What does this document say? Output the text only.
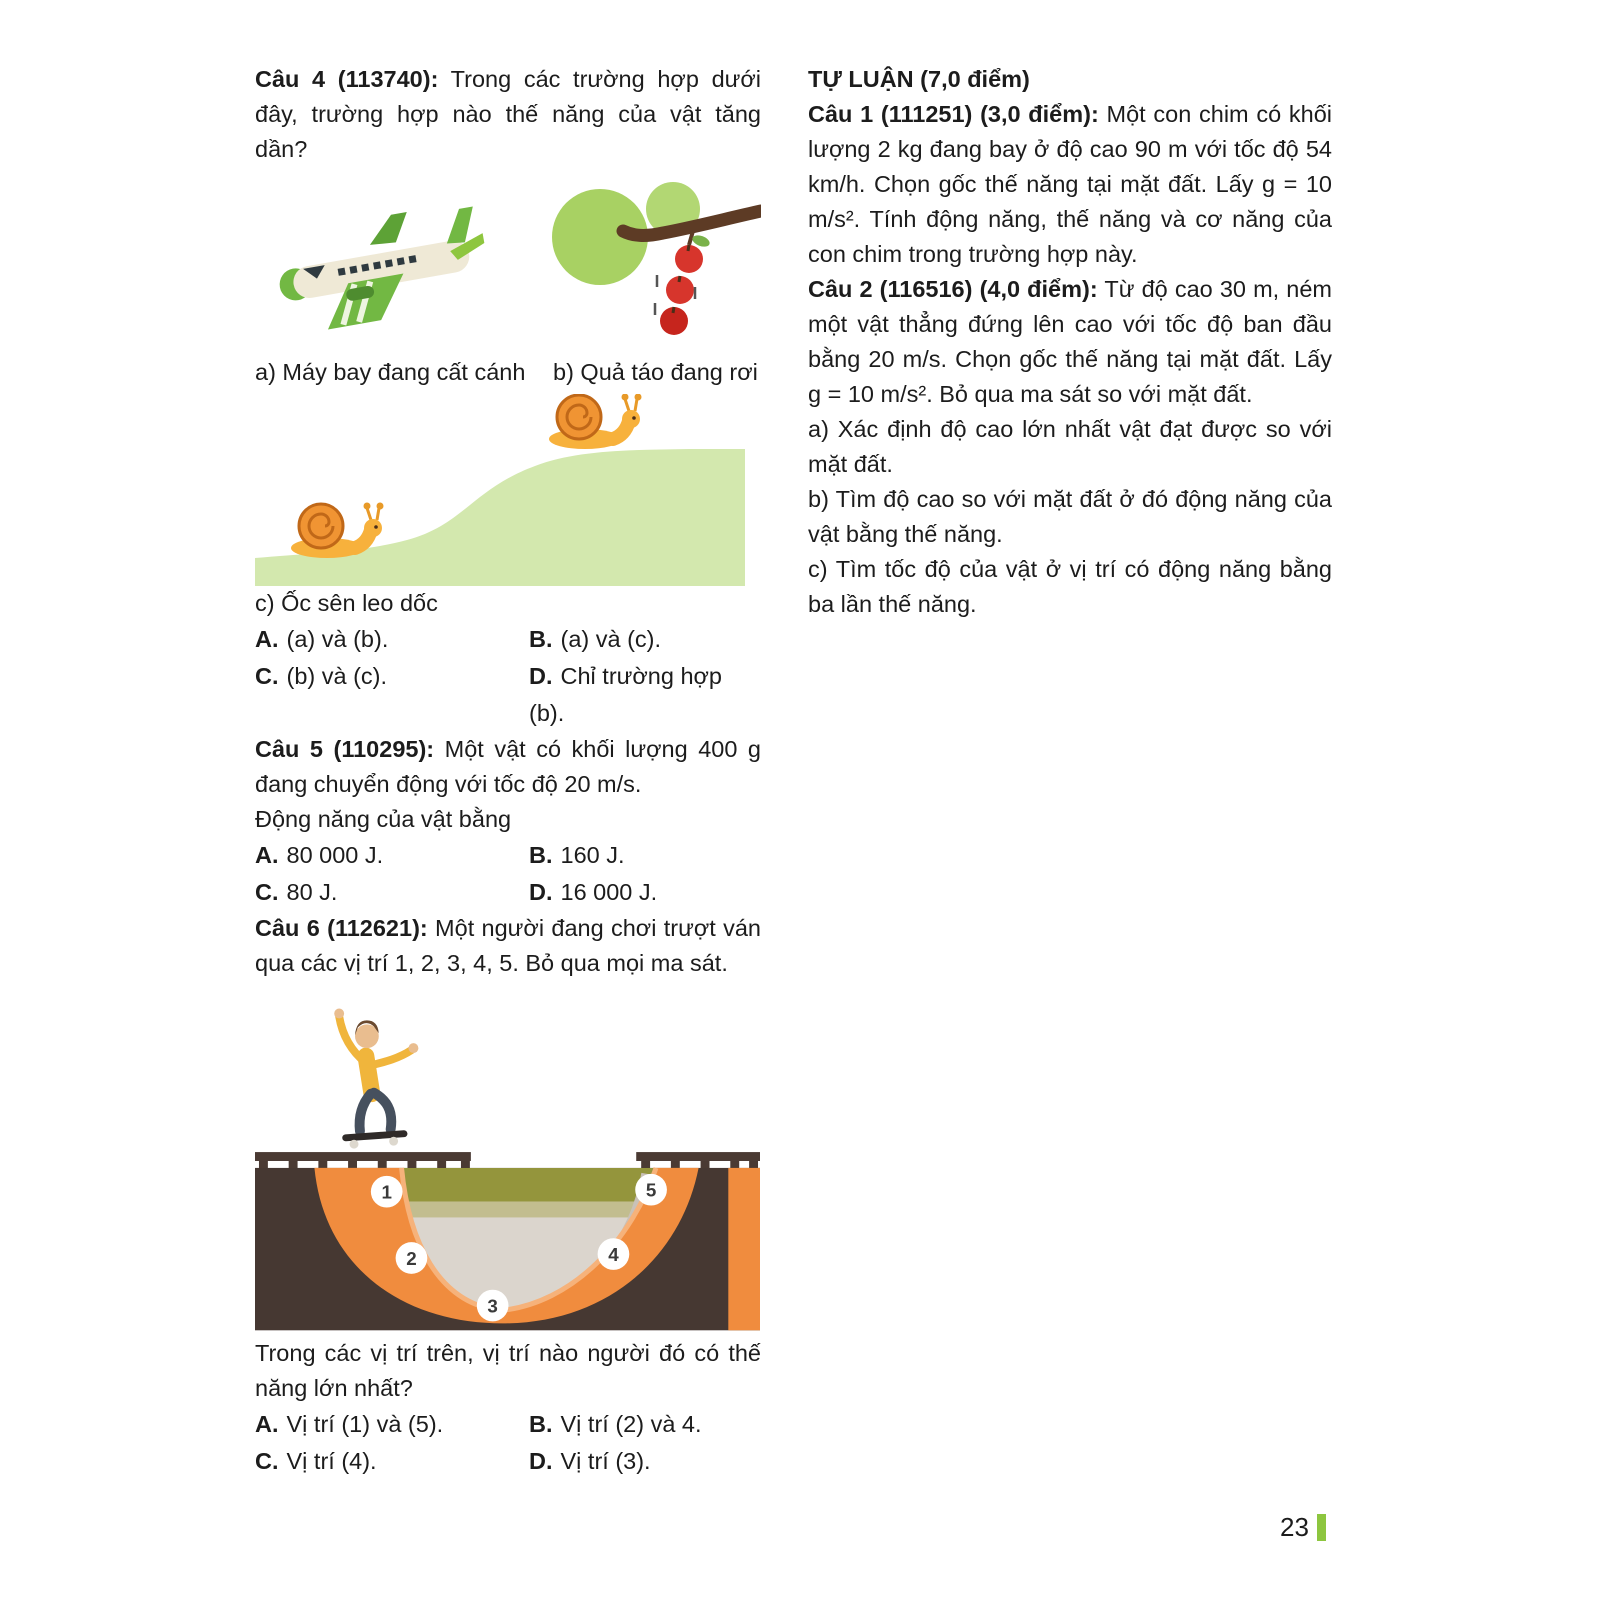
Câu 4 (113740): Trong các trường hợp dưới đây, trường hợp nào thế năng của vật tăng dần?

a) Máy bay đang cất cánh	b) Quả táo đang rơi

c) Ốc sên leo dốc

A. (a) và (b).	B. (a) và (c).
C. (b) và (c).	D. Chỉ trường hợp (b).

Câu 5 (110295): Một vật có khối lượng 400 g đang chuyển động với tốc độ 20 m/s.

Động năng của vật bằng

A. 80 000 J.	B. 160 J.
C. 80 J.	D. 16 000 J.

Câu 6 (112621): Một người đang chơi trượt ván qua các vị trí 1, 2, 3, 4, 5. Bỏ qua mọi ma sát.

1
2
3
4
5

Trong các vị trí trên, vị trí nào người đó có thế năng lớn nhất?

A. Vị trí (1) và (5).	B. Vị trí (2) và 4.
C. Vị trí (4).	D. Vị trí (3).

TỰ LUẬN (7,0 điểm)

Câu 1 (111251) (3,0 điểm): Một con chim có khối lượng 2 kg đang bay ở độ cao 90 m với tốc độ 54 km/h. Chọn gốc thế năng tại mặt đất. Lấy g = 10 m/s². Tính động năng, thế năng và cơ năng của con chim trong trường hợp này.

Câu 2 (116516) (4,0 điểm): Từ độ cao 30 m, ném một vật thẳng đứng lên cao với tốc độ ban đầu bằng 20 m/s. Chọn gốc thế năng tại mặt đất. Lấy g = 10 m/s². Bỏ qua ma sát so với mặt đất.

a) Xác định độ cao lớn nhất vật đạt được so với mặt đất.

b) Tìm độ cao so với mặt đất ở đó động năng của vật bằng thế năng.

c) Tìm tốc độ của vật ở vị trí có động năng bằng ba lần thế năng.

23
